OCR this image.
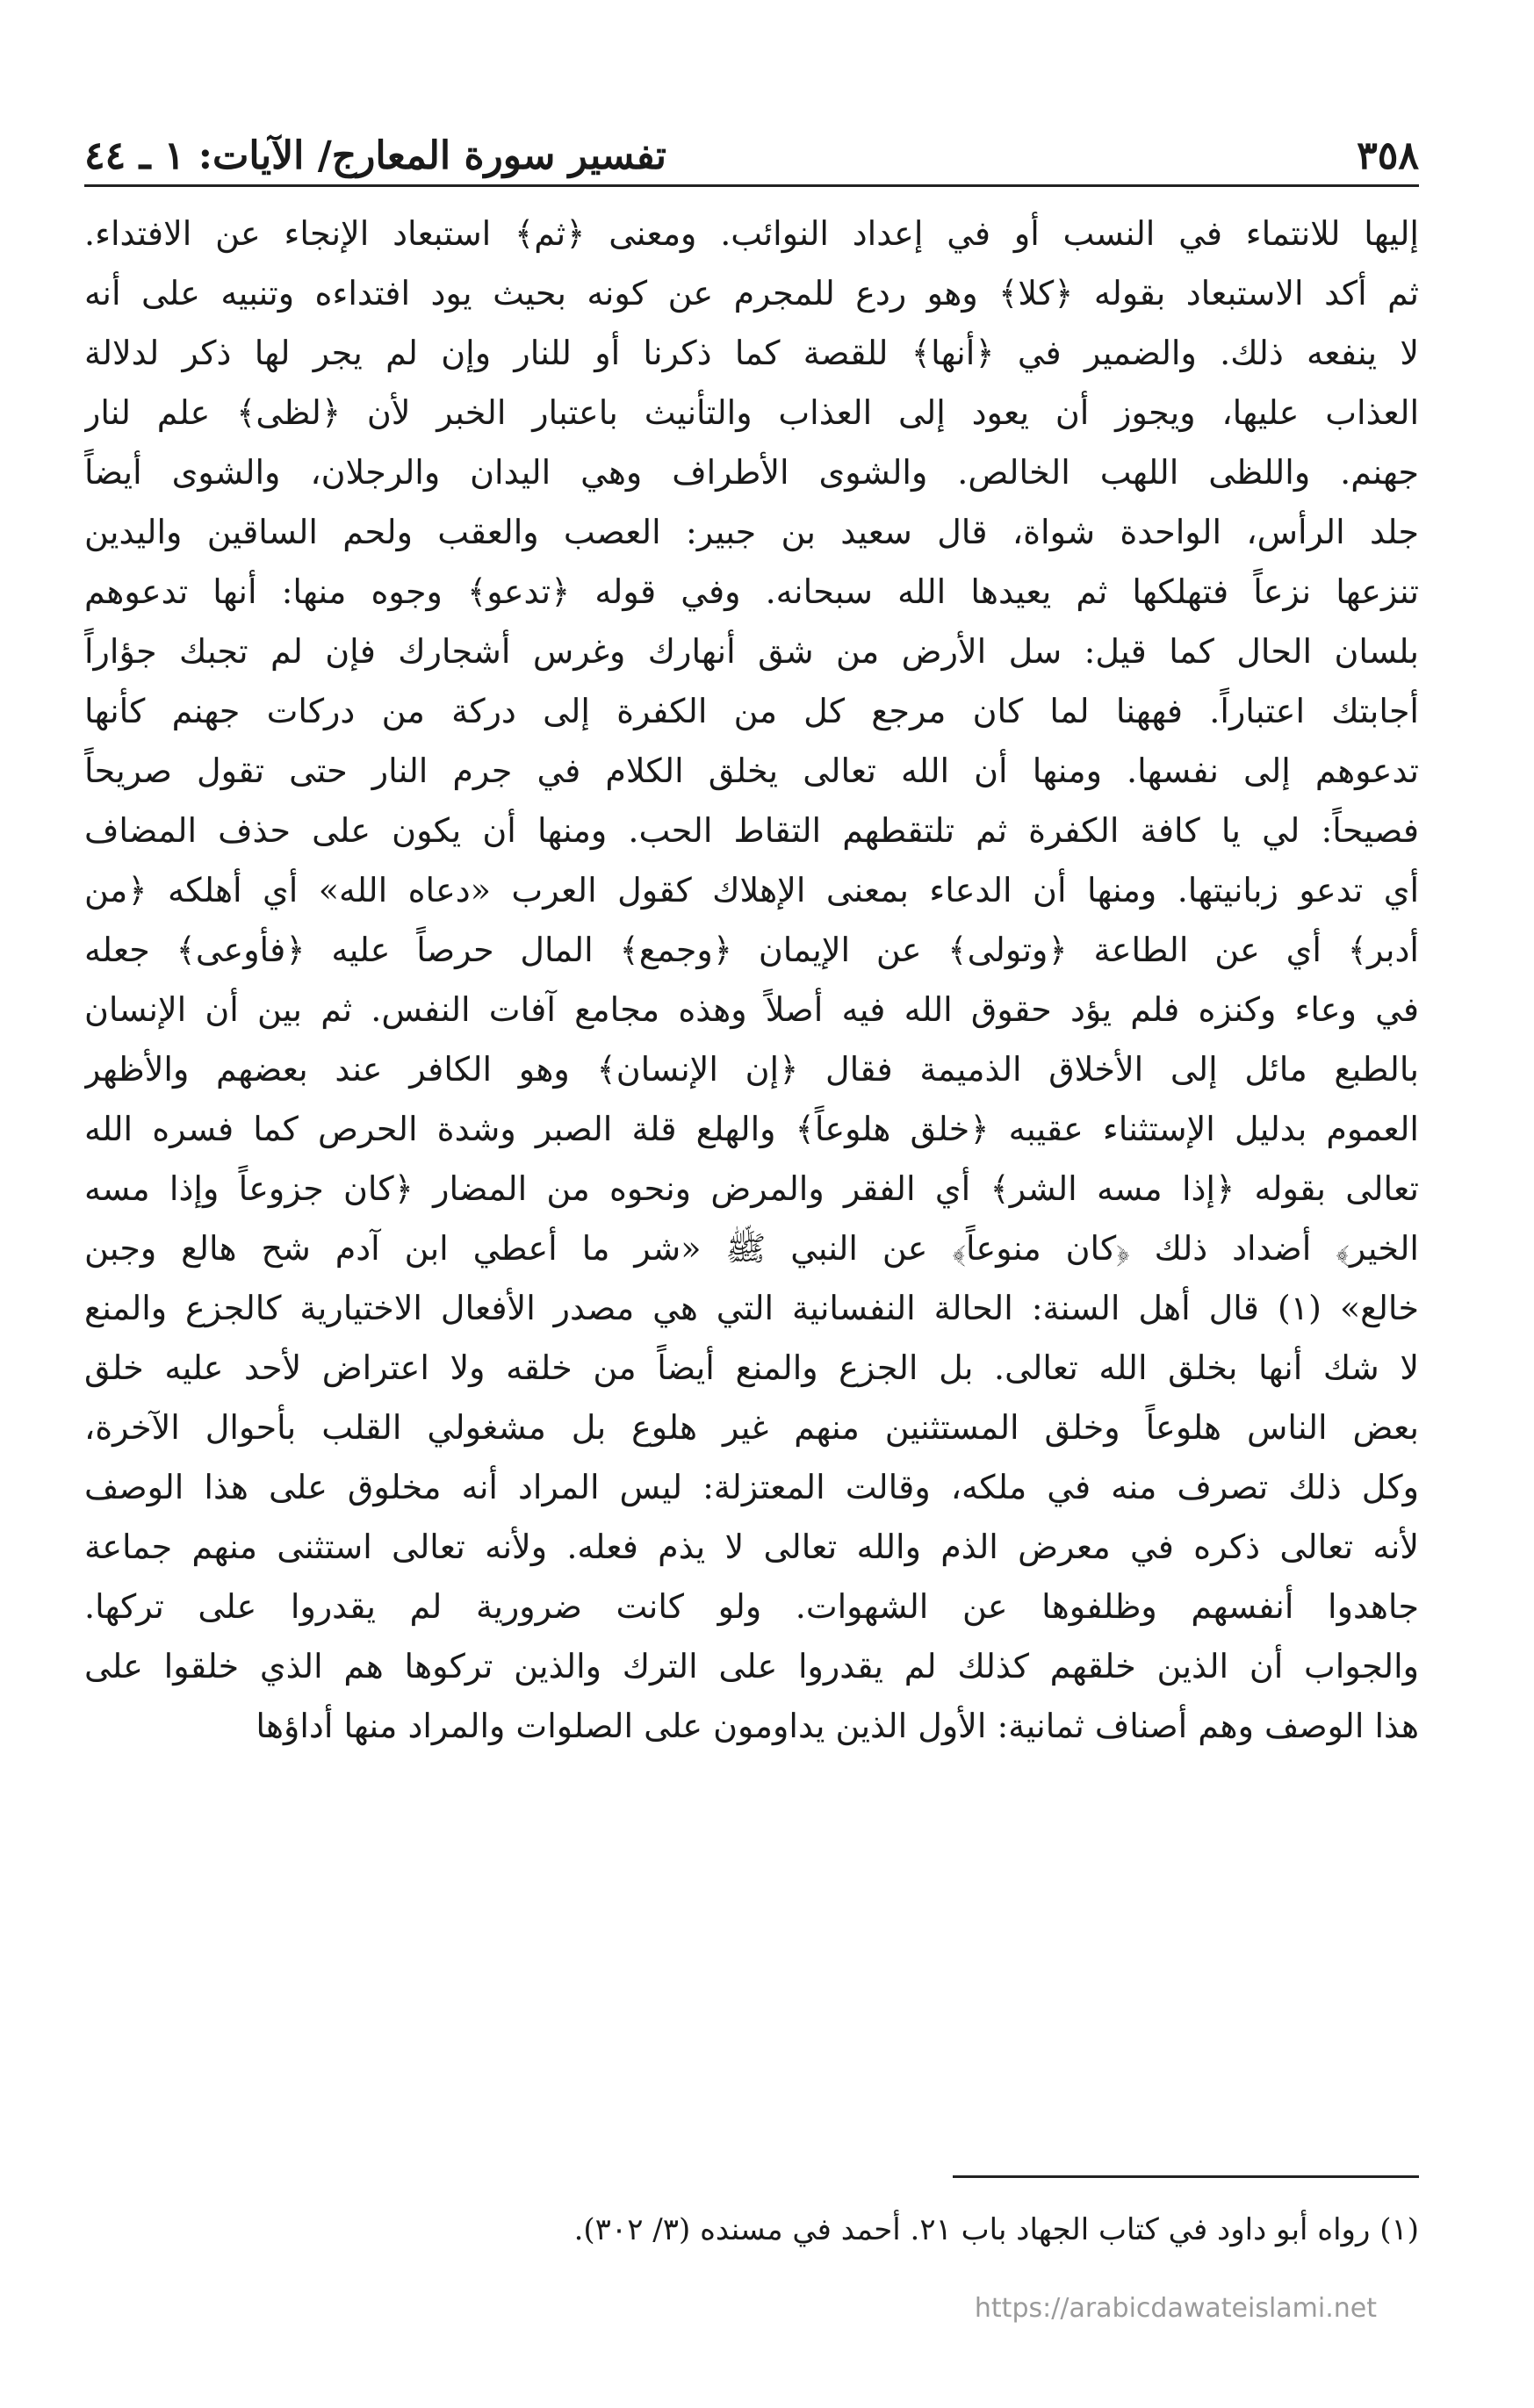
٣٥٨
تفسير سورة المعارج/ الآيات: ١ ـ ٤٤
إليها للانتماء في النسب أو في إعداد النوائب. ومعنى ﴿ثم﴾ استبعاد الإنجاء عن الافتداء.
ثم أكد الاستبعاد بقوله ﴿كلا﴾ وهو ردع للمجرم عن كونه بحيث يود افتداءه وتنبيه على أنه
لا ينفعه ذلك. والضمير في ﴿أنها﴾ للقصة كما ذكرنا أو للنار وإن لم يجر لها ذكر لدلالة
العذاب عليها، ويجوز أن يعود إلى العذاب والتأنيث باعتبار الخبر لأن ﴿لظى﴾ علم لنار
جهنم. واللظى اللهب الخالص. والشوى الأطراف وهي اليدان والرجلان، والشوى أيضاً
جلد الرأس، الواحدة شواة، قال سعيد بن جبير: العصب والعقب ولحم الساقين واليدين
تنزعها نزعاً فتهلكها ثم يعيدها الله سبحانه. وفي قوله ﴿تدعو﴾ وجوه منها: أنها تدعوهم
بلسان الحال كما قيل: سل الأرض من شق أنهارك وغرس أشجارك فإن لم تجبك جؤاراً
أجابتك اعتباراً. فههنا لما كان مرجع كل من الكفرة إلى دركة من دركات جهنم كأنها
تدعوهم إلى نفسها. ومنها أن الله تعالى يخلق الكلام في جرم النار حتى تقول صريحاً
فصيحاً: لي يا كافة الكفرة ثم تلتقطهم التقاط الحب. ومنها أن يكون على حذف المضاف
أي تدعو زبانيتها. ومنها أن الدعاء بمعنى الإهلاك كقول العرب «دعاه الله» أي أهلكه ﴿من
أدبر﴾ أي عن الطاعة ﴿وتولى﴾ عن الإيمان ﴿وجمع﴾ المال حرصاً عليه ﴿فأوعى﴾ جعله
في وعاء وكنزه فلم يؤد حقوق الله فيه أصلاً وهذه مجامع آفات النفس. ثم بين أن الإنسان
بالطبع مائل إلى الأخلاق الذميمة فقال ﴿إن الإنسان﴾ وهو الكافر عند بعضهم والأظهر
العموم بدليل الإستثناء عقيبه ﴿خلق هلوعاً﴾ والهلع قلة الصبر وشدة الحرص كما فسره الله
تعالى بقوله ﴿إذا مسه الشر﴾ أي الفقر والمرض ونحوه من المضار ﴿كان جزوعاً وإذا مسه
الخير﴾ أضداد ذلك ﴿كان منوعاً﴾ عن النبي ﷺ «شر ما أعطي ابن آدم شح هالع وجبن
خالع» (١) قال أهل السنة: الحالة النفسانية التي هي مصدر الأفعال الاختيارية كالجزع والمنع
لا شك أنها بخلق الله تعالى. بل الجزع والمنع أيضاً من خلقه ولا اعتراض لأحد عليه خلق
بعض الناس هلوعاً وخلق المستثنين منهم غير هلوع بل مشغولي القلب بأحوال الآخرة،
وكل ذلك تصرف منه في ملكه، وقالت المعتزلة: ليس المراد أنه مخلوق على هذا الوصف
لأنه تعالى ذكره في معرض الذم والله تعالى لا يذم فعله. ولأنه تعالى استثنى منهم جماعة
جاهدوا أنفسهم وظلفوها عن الشهوات. ولو كانت ضرورية لم يقدروا على تركها.
والجواب أن الذين خلقهم كذلك لم يقدروا على الترك والذين تركوها هم الذي خلقوا على
هذا الوصف وهم أصناف ثمانية: الأول الذين يداومون على الصلوات والمراد منها أداؤها
(١) رواه أبو داود في كتاب الجهاد باب ٢١. أحمد في مسنده (٣/ ٣٠٢).
https://arabicdawateislami.net
